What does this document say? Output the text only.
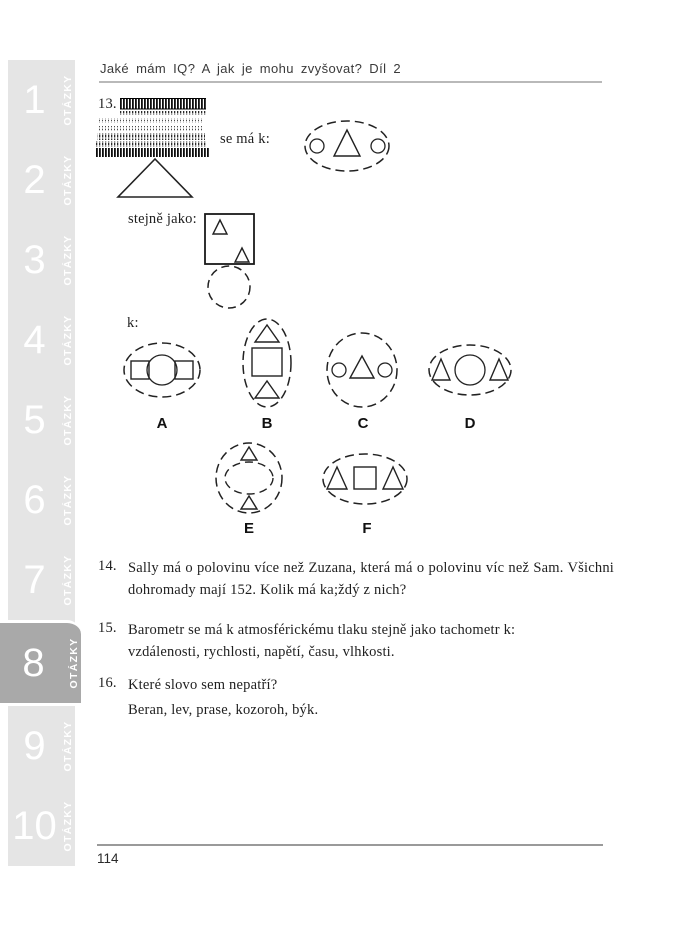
1 OTÁZKY
2 OTÁZKY
3 OTÁZKY
4 OTÁZKY
5 OTÁZKY
6 OTÁZKY
7 OTÁZKY
8 OTÁZKY
9 OTÁZKY
10 OTÁZKY
Jaké mám IQ? A jak je mohu zvyšovat? Díl 2
13.
se má k:
stejně jako:
k:
A	B	C	D
E	F
14. Sally má o polovinu více než Zuzana, která má o polovinu víc než Sam. Všichni dohromady mají 152. Kolik má ka;ždý z nich?
15. Barometr se má k atmosférickému tlaku stejně jako tachometr k:
vzdálenosti, rychlosti, napětí, času, vlhkosti.
16. Které slovo sem nepatří?
Beran, lev, prase, kozoroh, býk.
114
